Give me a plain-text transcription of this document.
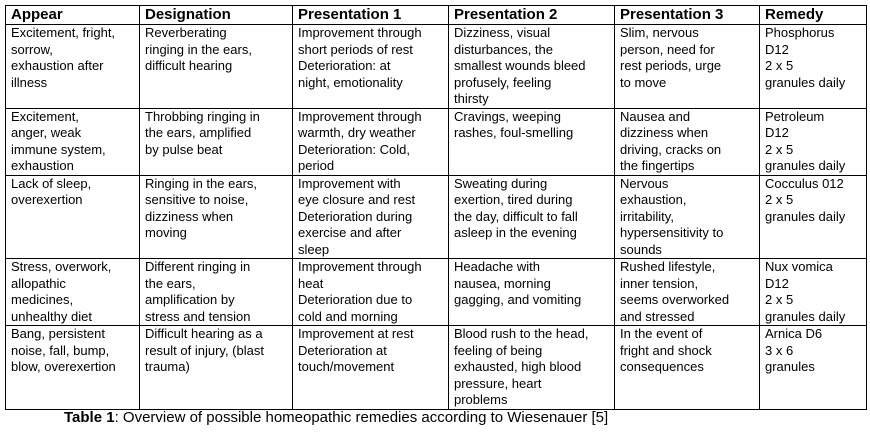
Appear	Designation	Presentation 1	Presentation 2	Presentation 3	Remedy

Excitement, fright,
sorrow,
exhaustion after
illness	Reverberating
ringing in the ears,
difficult hearing	Improvement through
short periods of rest
Deterioration: at
night, emotionality	Dizziness, visual
disturbances, the
smallest wounds bleed
profusely, feeling
thirsty	Slim, nervous
person, need for
rest periods, urge
to move	Phosphorus
D12
2 x 5
granules daily

Excitement,
anger, weak
immune system,
exhaustion	Throbbing ringing in
the ears, amplified
by pulse beat	Improvement through
warmth, dry weather
Deterioration: Cold,
period	Cravings, weeping
rashes, foul-smelling	Nausea and
dizziness when
driving, cracks on
the fingertips	Petroleum
D12
2 x 5
granules daily

Lack of sleep,
overexertion	Ringing in the ears,
sensitive to noise,
dizziness when
moving	Improvement with
eye closure and rest
Deterioration during
exercise and after
sleep	Sweating during
exertion, tired during
the day, difficult to fall
asleep in the evening	Nervous
exhaustion,
irritability,
hypersensitivity to
sounds	Cocculus 012
2 x 5
granules daily

Stress, overwork,
allopathic
medicines,
unhealthy diet	Different ringing in
the ears,
amplification by
stress and tension	Improvement through
heat
Deterioration due to
cold and morning	Headache with
nausea, morning
gagging, and vomiting	Rushed lifestyle,
inner tension,
seems overworked
and stressed	Nux vomica
D12
2 x 5
granules daily

Bang, persistent
noise, fall, bump,
blow, overexertion	Difficult hearing as a
result of injury, (blast
trauma)	Improvement at rest
Deterioration at
touch/movement	Blood rush to the head,
feeling of being
exhausted, high blood
pressure, heart
problems	In the event of
fright and shock
consequences	Arnica D6
3 x 6
granules
Table 1: Overview of possible homeopathic remedies according to Wiesenauer [5]
